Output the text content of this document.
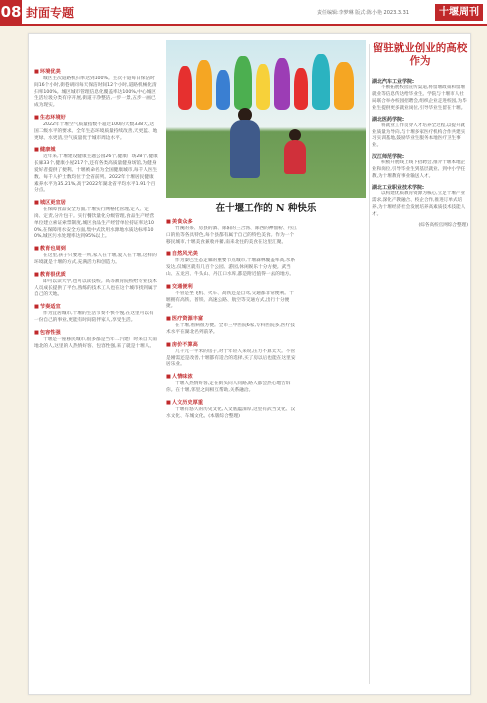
08 封面专题	责任编辑:李梦琳 版式:陈小艳 2023.3.31	十堰周刊
在十堰工作的 N 种快乐
■ 环境优美
城区主次道路机扫率达到100%。主次干道每日保洁时间16个小时,街巷胡同每天保洁时间12个小时,道路机械化清扫率100%。城区城市管理信息化覆盖率达100%,中心城区生活垃圾分类有序开展,街道干净整洁,一步一景,五步一画已成为现实。
■ 生态环境好
2022年十堰空气质量指数不超过100的天数338天,达国二级水平的要求。全年生态环境质量持续改善,天更蓝、地更绿、水更清,空气质量优于城市周边水平。
■ 健康城
近年来,十堰建设健康主题公园26个,健康广场28个,健康长廊33个,健康小屋217个,还有各类高质量健身场馆,为健身爱好者提供了便利。十堰被命名为全国健康城市,每千人医生数、每千人护士数均位于全省前列。2022年十堰居民健康素养水平为35.21%,高于2022年湖北省平均水平1.91个百分点。
■ 城区更宜居
在保障食品安全方面,十堰实行网格化管理,定人、定岗、定责,分片包干。实行餐饮量化分级管理,食品生产经营单位建立索证索票制度,城区食品生产经营单位持证率达100%,在保障用水安全方面,集中式饮用水源地水质达标率100%,城区污水处理率达到95%以上。
■ 教育也周到
在这里,孩子只要进一所,家人在十堰,爱人在十堰,这样的环境就是十堰的方式,充满活力和创造力。
■ 教育很优质
即可以读大学,也可以读技校。高等教育院校给专业技术人员成长提供了平台,熟练的技术工人也在这个城市找到属于自己的天地。
■ 节奏适宜
作为宜居城市,十堰的生活节奏不快不慢,在这里可以有一份自己的事业,更能有时间陪伴家人,享受生活。
■ 包容性强
十堰是一座移民城市,很多都是当年二汽建厂时来自天南地北的人,这里的人热情好客、包容性强,来了就是十堰人。
■ 美食众多
竹溪的茶、房县的酒、郧阳的三合汤、郧西的神仙粉、丹江口的鱼等各具特色,每个县都有属于自己的特色美食。作为一个移民城市,十堰美食兼收并蓄,南来北往的美食在这里汇聚。
■ 自然风光美
作为秦巴生态走廊的重要节点城市,十堰森林覆盖率高,水系发达,仅城区就有几百个公园、游园,休闲娱乐十分方便。武当山、五龙宫、牛头山、丹江口水库,都是附近值得一去的地方。
■ 交通便利
不管是坐飞机、火车、高铁还是自驾,交通都非常便利。十堰拥有高铁、普铁、高速公路、航空等交通方式,出行十分便捷。
■ 医疗资源丰富
在十堰,看病很方便。全市三甲医院6家,专科医院多,医疗技术水平在湖北名列前茅。
■ 房价不算高
几千元一平米的房子,对于年轻人来说,压力不算太大。不管是刚需还是改善,十堰都有适合的选择,买了房以后也能在这里安居乐业。
■ 人情味浓
十堰人热情好客,走在街头向人问路,路人都会热心地告诉你。在十堰,邻里之间相互帮助,关系融洽。
■ 人文历史厚重
十堰有悠久的历史文化,人文底蕴深厚,这里有武当文化、汉水文化、车城文化。(本版综合整理)
留驻就业创业的高校作为
湖北汽车工业学院:
不断拓展校园宣传渠道,将留堰政策和留堰就业等信息传达给毕业生。学院与十堰市人社局联合举办校园招聘会,组织企业走进校园,为毕业生提供更多就业岗位,引导毕业生留在十堰。
湖北医药学院:
将就业工作贯穿人才培养全过程,以提升就业质量为导向,与十堰多家医疗机构合作共建实习实训基地,鼓励毕业生服务本地医疗卫生事业。
汉江师范学院:
积极开展线上线下招聘会,推介十堰本地企业和岗位,引导毕业生到基层就业、到中小学任教,为十堰教育事业输送人才。
湖北工业职业技术学院:
以构建优质教育资源为核心,立足十堰产业需求,深化产教融合、校企合作,推进订单式培养,为十堰经济社会发展培养高素质技术技能人才。
(綜各高校官网综合整理)
